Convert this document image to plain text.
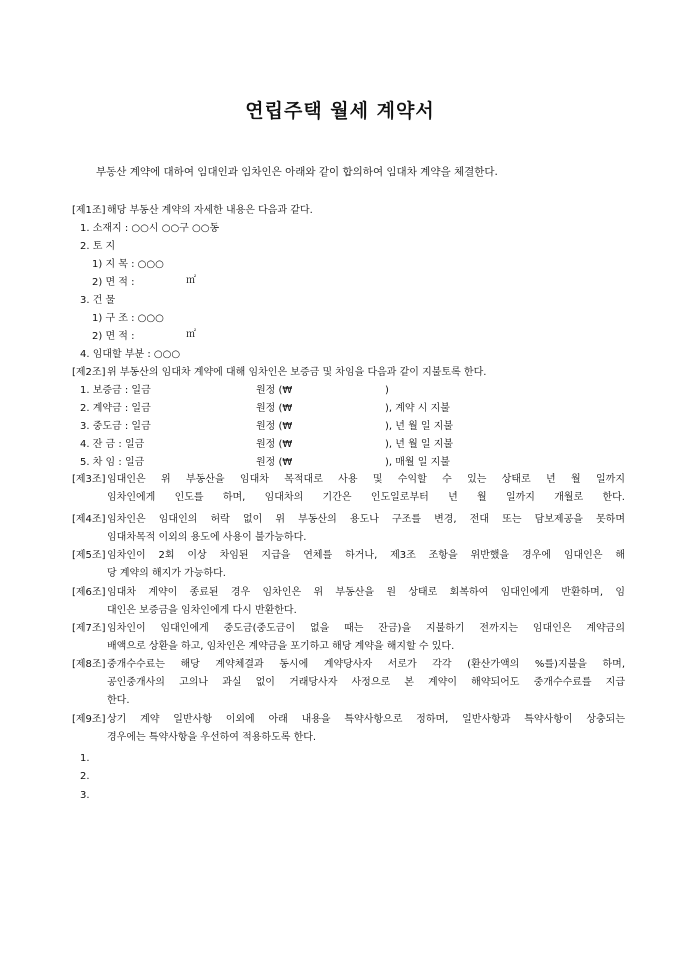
연립주택 월세 계약서
부동산 계약에 대하여 임대인과 임차인은 아래와 같이 합의하여 임대차 계약을 체결한다.
[제1조] 해당 부동산 계약의 자세한 내용은 다음과 같다.
1. 소재지 : ○○시 ○○구 ○○동
2. 토 지
1) 지 목 : ○○○
2) 면 적 :	㎡
3. 건 물
1) 구 조 : ○○○
2) 면 적 :	㎡
4. 임대할 부분 : ○○○
[제2조] 위 부동산의 임대차 계약에 대해 임차인은 보증금 및 차임을 다음과 같이 지불토록 한다.
1. 보증금 : 일금	원정 (₩	)
2. 계약금 : 일금	원정 (₩	), 계약 시 지불
3. 중도금 : 일금	원정 (₩	), 년 월 일 지불
4. 잔 금 : 일금	원정 (₩	), 년 월 일 지불
5. 차 임 : 일금	원정 (₩	), 매월 일 지불
[제3조] 임대인은 위 부동산을 임대차 목적대로 사용 및 수익할 수 있는 상태로 년 월 일까지
임차인에게 인도를 하며, 임대차의 기간은 인도일로부터 년 월 일까지 개월로 한다.
[제4조] 임차인은 임대인의 허락 없이 위 부동산의 용도나 구조를 변경, 전대 또는 담보제공을 못하며
임대차목적 이외의 용도에 사용이 불가능하다.
[제5조] 임차인이 2회 이상 차임된 지급을 연체를 하거나, 제3조 조항을 위반했을 경우에 임대인은 해
당 계약의 해지가 가능하다.
[제6조] 임대차 계약이 종료된 경우 임차인은 위 부동산을 원 상태로 회복하여 임대인에게 반환하며, 임
대인은 보증금을 임차인에게 다시 반환한다.
[제7조] 임차인이 임대인에게 중도금(중도금이 없을 때는 잔금)을 지불하기 전까지는 임대인은 계약금의
배액으로 상환을 하고, 임차인은 계약금을 포기하고 해당 계약을 해지할 수 있다.
[제8조] 중개수수료는 해당 계약체결과 동시에 계약당사자 서로가 각각 (환산가액의 %를)지불을 하며,
공인중개사의 고의나 과실 없이 거래당사자 사정으로 본 계약이 해약되어도 중개수수료를 지급
한다.
[제9조] 상기 계약 일반사항 이외에 아래 내용을 특약사항으로 정하며, 일반사항과 특약사항이 상충되는
경우에는 특약사항을 우선하여 적용하도록 한다.
1.
2.
3.
